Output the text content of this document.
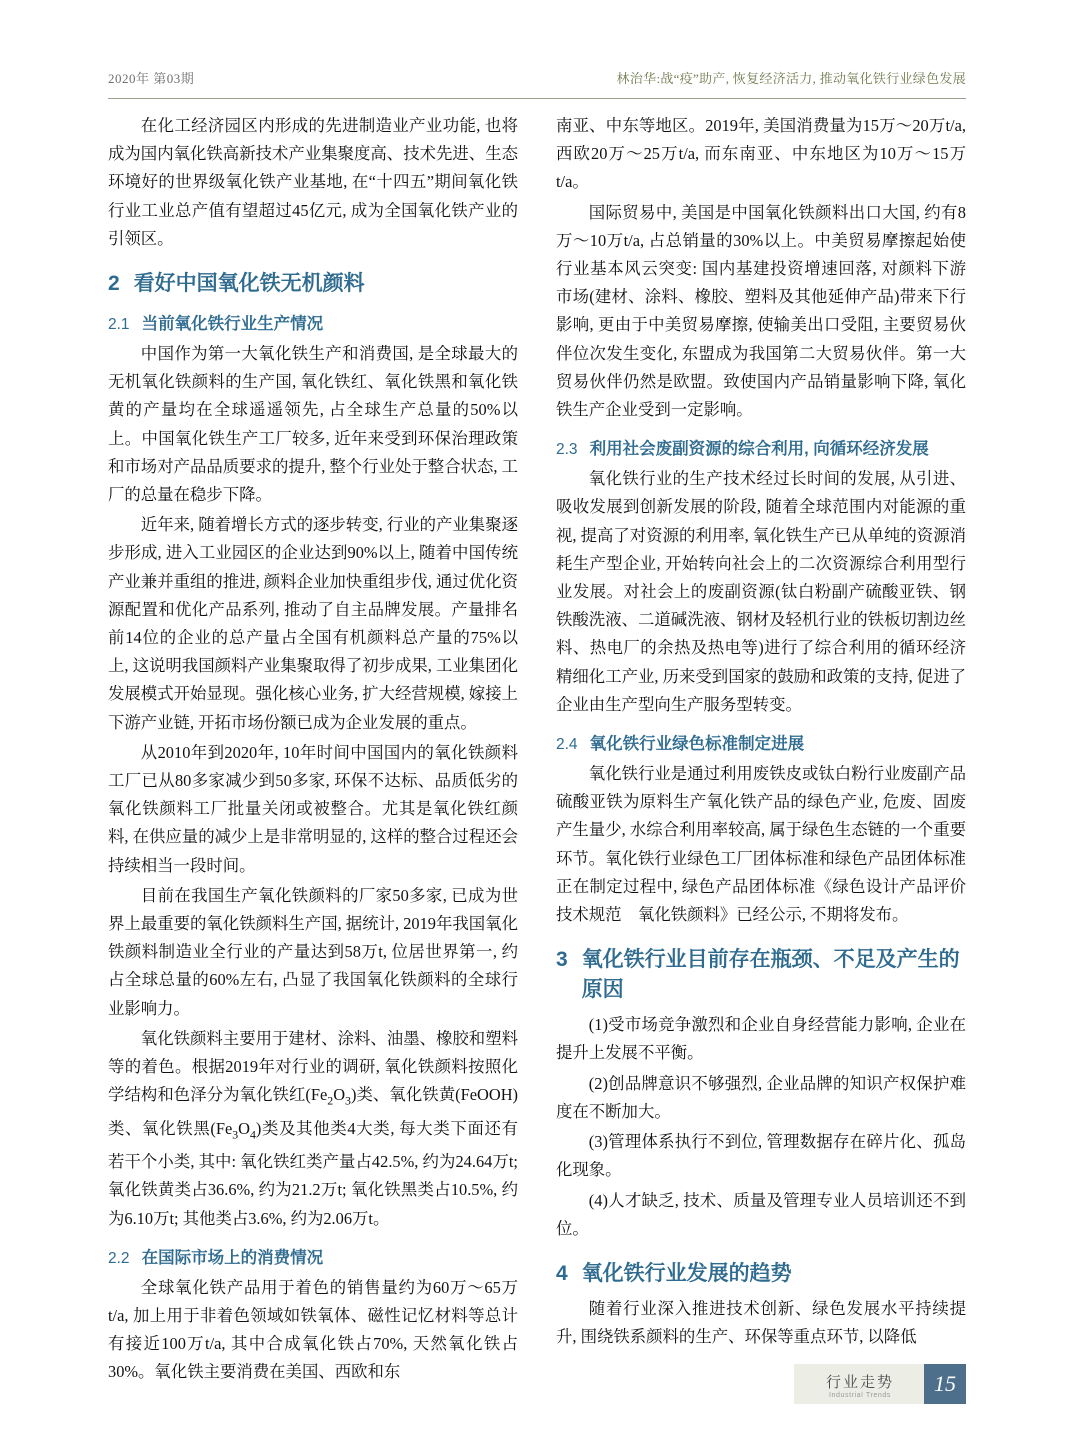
2020年 第03期	林治华:战“疫”助产, 恢复经济活力, 推动氧化铁行业绿色发展

在化工经济园区内形成的先进制造业产业功能, 也将成为国内氧化铁高新技术产业集聚度高、技术先进、生态环境好的世界级氧化铁产业基地, 在“十四五”期间氧化铁行业工业总产值有望超过45亿元, 成为全国氧化铁产业的引领区。

2 看好中国氧化铁无机颜料
2.1 当前氧化铁行业生产情况

中国作为第一大氧化铁生产和消费国, 是全球最大的无机氧化铁颜料的生产国, 氧化铁红、氧化铁黑和氧化铁黄的产量均在全球遥遥领先, 占全球生产总量的50%以上。中国氧化铁生产工厂较多, 近年来受到环保治理政策和市场对产品品质要求的提升, 整个行业处于整合状态, 工厂的总量在稳步下降。

近年来, 随着增长方式的逐步转变, 行业的产业集聚逐步形成, 进入工业园区的企业达到90%以上, 随着中国传统产业兼并重组的推进, 颜料企业加快重组步伐, 通过优化资源配置和优化产品系列, 推动了自主品牌发展。产量排名前14位的企业的总产量占全国有机颜料总产量的75%以上, 这说明我国颜料产业集聚取得了初步成果, 工业集团化发展模式开始显现。强化核心业务, 扩大经营规模, 嫁接上下游产业链, 开拓市场份额已成为企业发展的重点。

从2010年到2020年, 10年时间中国国内的氧化铁颜料工厂已从80多家减少到50多家, 环保不达标、品质低劣的氧化铁颜料工厂批量关闭或被整合。尤其是氧化铁红颜料, 在供应量的减少上是非常明显的, 这样的整合过程还会持续相当一段时间。

目前在我国生产氧化铁颜料的厂家50多家, 已成为世界上最重要的氧化铁颜料生产国, 据统计, 2019年我国氧化铁颜料制造业全行业的产量达到58万t, 位居世界第一, 约占全球总量的60%左右, 凸显了我国氧化铁颜料的全球行业影响力。

氧化铁颜料主要用于建材、涂料、油墨、橡胶和塑料等的着色。根据2019年对行业的调研, 氧化铁颜料按照化学结构和色泽分为氧化铁红$(Fe_2O_3)$类、氧化铁黄(FeOOH)类、氧化铁黑$(Fe_3O_4)$类及其他类4大类, 每大类下面还有若干个小类, 其中: 氧化铁红类产量占42.5%, 约为24.64万t; 氧化铁黄类占36.6%, 约为21.2万t; 氧化铁黑类占10.5%, 约为6.10万t; 其他类占3.6%, 约为2.06万t。

2.2 在国际市场上的消费情况

全球氧化铁产品用于着色的销售量约为60万～65万t/a, 加上用于非着色领域如铁氧体、磁性记忆材料等总计有接近100万t/a, 其中合成氧化铁占70%, 天然氧化铁占30%。氧化铁主要消费在美国、西欧和东

南亚、中东等地区。2019年, 美国消费量为15万～20万t/a, 西欧20万～25万t/a, 而东南亚、中东地区为10万～15万t/a。

国际贸易中, 美国是中国氧化铁颜料出口大国, 约有8万～10万t/a, 占总销量的30%以上。中美贸易摩擦起始使行业基本风云突变: 国内基建投资增速回落, 对颜料下游市场(建材、涂料、橡胶、塑料及其他延伸产品)带来下行影响, 更由于中美贸易摩擦, 使输美出口受阻, 主要贸易伙伴位次发生变化, 东盟成为我国第二大贸易伙伴。第一大贸易伙伴仍然是欧盟。致使国内产品销量影响下降, 氧化铁生产企业受到一定影响。

2.3 利用社会废副资源的综合利用, 向循环经济发展

氧化铁行业的生产技术经过长时间的发展, 从引进、吸收发展到创新发展的阶段, 随着全球范围内对能源的重视, 提高了对资源的利用率, 氧化铁生产已从单纯的资源消耗生产型企业, 开始转向社会上的二次资源综合利用型行业发展。对社会上的废副资源(钛白粉副产硫酸亚铁、钢铁酸洗液、二道碱洗液、钢材及轻机行业的铁板切割边丝料、热电厂的余热及热电等)进行了综合利用的循环经济精细化工产业, 历来受到国家的鼓励和政策的支持, 促进了企业由生产型向生产服务型转变。

2.4 氧化铁行业绿色标准制定进展

氧化铁行业是通过利用废铁皮或钛白粉行业废副产品硫酸亚铁为原料生产氧化铁产品的绿色产业, 危废、固废产生量少, 水综合利用率较高, 属于绿色生态链的一个重要环节。氧化铁行业绿色工厂团体标准和绿色产品团体标准正在制定过程中, 绿色产品团体标准《绿色设计产品评价技术规范　氧化铁颜料》已经公示, 不期将发布。

3 氧化铁行业目前存在瓶颈、不足及产生的原因

(1)受市场竞争激烈和企业自身经营能力影响, 企业在提升上发展不平衡。

(2)创品牌意识不够强烈, 企业品牌的知识产权保护难度在不断加大。

(3)管理体系执行不到位, 管理数据存在碎片化、孤岛化现象。

(4)人才缺乏, 技术、质量及管理专业人员培训还不到位。

4 氧化铁行业发展的趋势

随着行业深入推进技术创新、绿色发展水平持续提升, 围绕铁系颜料的生产、环保等重点环节, 以降低

行业走势
Industrial Trends	15
